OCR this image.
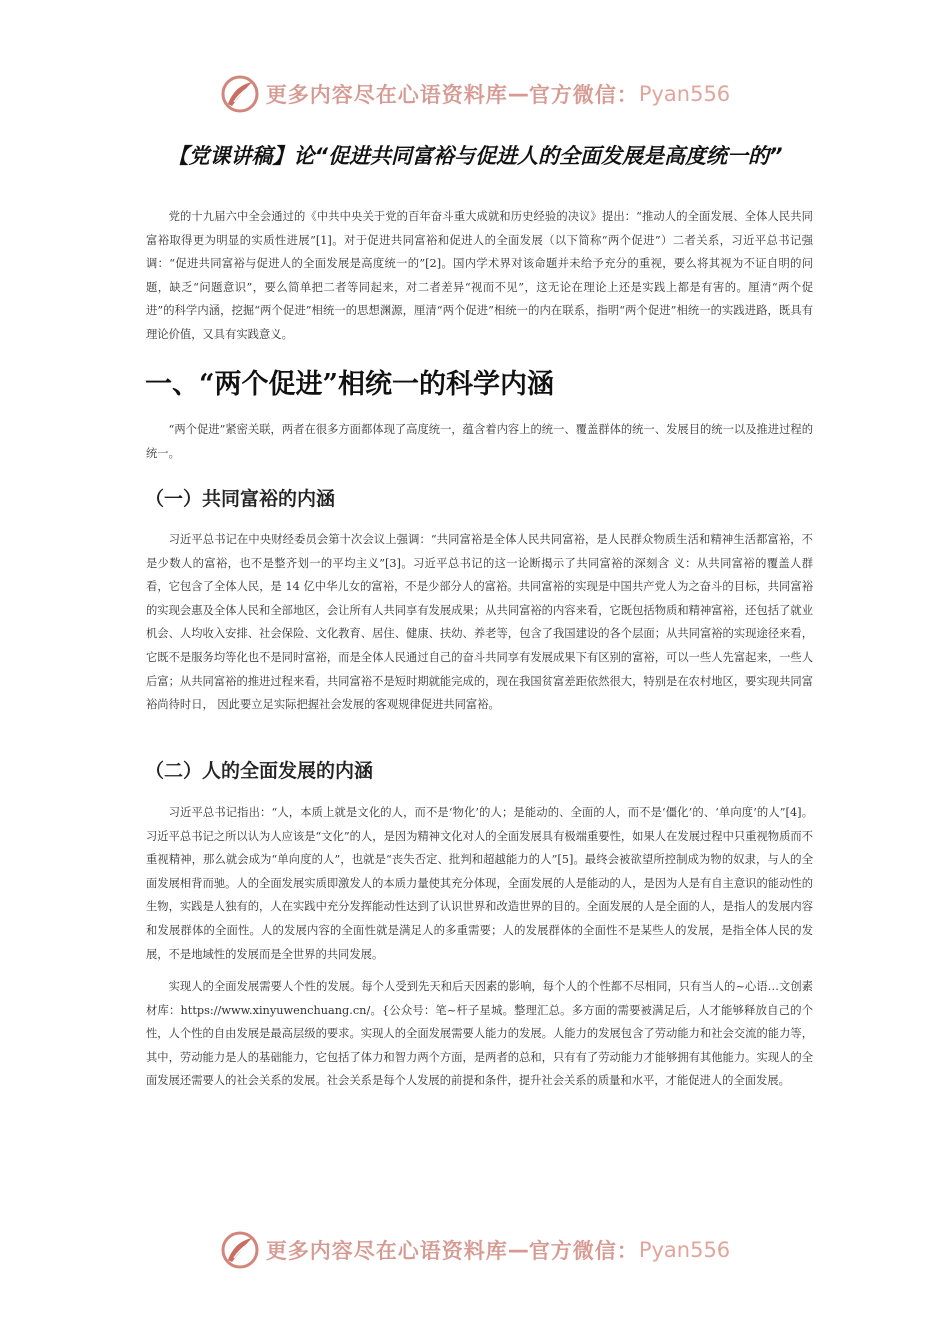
更多内容尽在心语资料库 — 官方微信： Pyan556
【党课讲稿】论“促进共同富裕与促进人的全面发展是高度统一的”

党的十九届六中全会通过的《中共中央关于党的百年奋斗重大成就和历史经验的决议》提出：“推动人的全面发展、全体人民共同富裕取得更为明显的实质性进展”[1]。对于促进共同富裕和促进人的全面发展（以下简称“两个促进”）二者关系，习近平总书记强调：“促进共同富裕与促进人的全面发展是高度统一的”[2]。国内学术界对该命题并未给予充分的重视，要么将其视为不证自明的问题，缺乏“问题意识”，要么简单把二者等同起来，对二者差异“视而不见”，这无论在理论上还是实践上都是有害的。厘清“两个促进”的科学内涵，挖掘“两个促进”相统一的思想渊源，厘清“两个促进”相统一的内在联系，指明“两个促进”相统一的实践进路，既具有理论价值，又具有实践意义。

一、“两个促进”相统一的科学内涵

“两个促进”紧密关联，两者在很多方面都体现了高度统一，蕴含着内容上的统一、覆盖群体的统一、发展目的统一以及推进过程的统一。

（一）共同富裕的内涵

习近平总书记在中央财经委员会第十次会议上强调：“共同富裕是全体人民共同富裕，是人民群众物质生活和精神生活都富裕，不是少数人的富裕，也不是整齐划一的平均主义”[3]。习近平总书记的这一论断揭示了共同富裕的深刻含 义：从共同富裕的覆盖人群看，它包含了全体人民，是 14 亿中华儿女的富裕，不是少部分人的富裕。共同富裕的实现是中国共产党人为之奋斗的目标，共同富裕的实现会惠及全体人民和全部地区，会让所有人共同享有发展成果；从共同富裕的内容来看，它既包括物质和精神富裕，还包括了就业机会、人均收入安排、社会保险、文化教育、居住、健康、扶幼、养老等，包含了我国建设的各个层面；从共同富裕的实现途径来看，它既不是服务均等化也不是同时富裕，而是全体人民通过自己的奋斗共同享有发展成果下有区别的富裕，可以一些人先富起来，一些人后富；从共同富裕的推进过程来看，共同富裕不是短时期就能完成的，现在我国贫富差距依然很大，特别是在农村地区，要实现共同富裕尚待时日， 因此要立足实际把握社会发展的客观规律促进共同富裕。

（二）人的全面发展的内涵

习近平总书记指出：“人，本质上就是文化的人，而不是‘物化’的人；是能动的、全面的人，而不是‘僵化’的、‘单向度’的人”[4]。习近平总书记之所以认为人应该是“文化”的人，是因为精神文化对人的全面发展具有极端重要性，如果人在发展过程中只重视物质而不重视精神，那么就会成为“单向度的人”，也就是“丧失否定、批判和超越能力的人”[5]。最终会被欲望所控制成为物的奴隶，与人的全面发展相背而驰。人的全面发展实质即激发人的本质力量使其充分体现，全面发展的人是能动的人，是因为人是有自主意识的能动性的生物，实践是人独有的，人在实践中充分发挥能动性达到了认识世界和改造世界的目的。全面发展的人是全面的人，是指人的发展内容和发展群体的全面性。人的发展内容的全面性就是满足人的多重需要；人的发展群体的全面性不是某些人的发展，是指全体人民的发展，不是地域性的发展而是全世界的共同发展。

实现人的全面发展需要人个性的发展。每个人受到先天和后天因素的影响，每个人的个性都不尽相同，只有当人的~心语…文创素材库：https://www.xinyuwenchuang.cn/。{公众号：笔~杆子星城。整理汇总。多方面的需要被满足后，人才能够释放自己的个性，人个性的自由发展是最高层级的要求。实现人的全面发展需要人能力的发展。人能力的发展包含了劳动能力和社会交流的能力等，其中，劳动能力是人的基础能力，它包括了体力和智力两个方面，是两者的总和，只有有了劳动能力才能够拥有其他能力。实现人的全面发展还需要人的社会关系的发展。社会关系是每个人发展的前提和条件，提升社会关系的质量和水平，才能促进人的全面发展。

更多内容尽在心语资料库 — 官方微信： Pyan556
